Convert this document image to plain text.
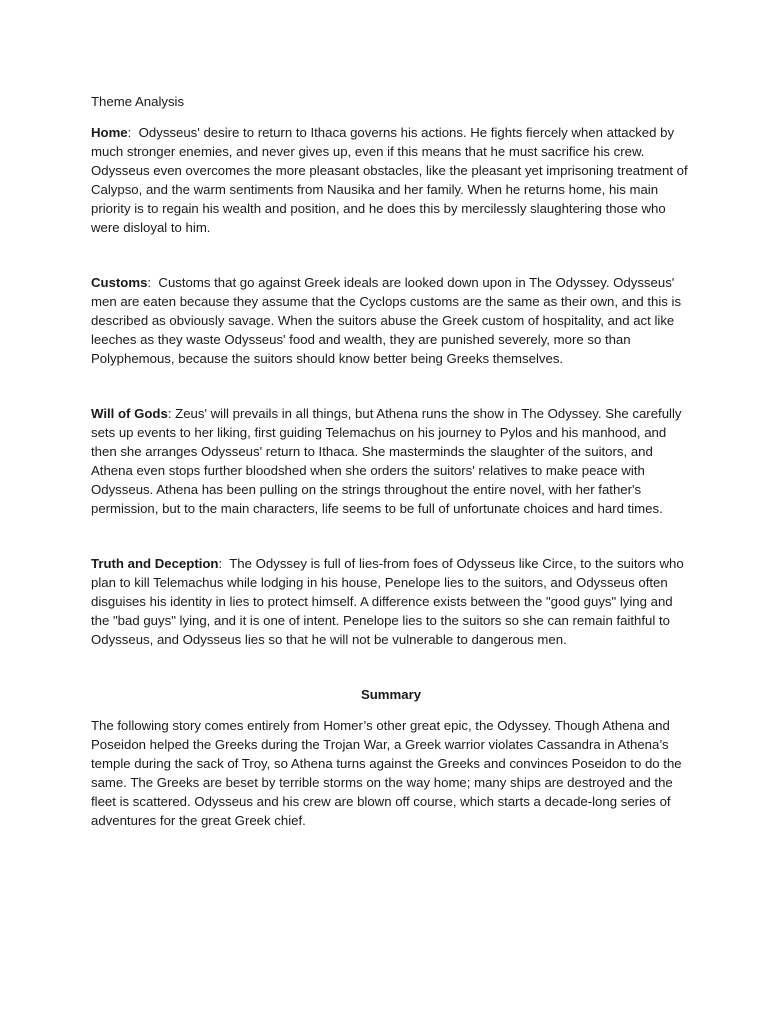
Theme Analysis

Home:  Odysseus' desire to return to Ithaca governs his actions. He fights fiercely when attacked by much stronger enemies, and never gives up, even if this means that he must sacrifice his crew. Odysseus even overcomes the more pleasant obstacles, like the pleasant yet imprisoning treatment of Calypso, and the warm sentiments from Nausika and her family. When he returns home, his main priority is to regain his wealth and position, and he does this by mercilessly slaughtering those who were disloyal to him.

Customs:  Customs that go against Greek ideals are looked down upon in The Odyssey. Odysseus' men are eaten because they assume that the Cyclops customs are the same as their own, and this is described as obviously savage. When the suitors abuse the Greek custom of hospitality, and act like leeches as they waste Odysseus' food and wealth, they are punished severely, more so than Polyphemous, because the suitors should know better being Greeks themselves.

Will of Gods: Zeus' will prevails in all things, but Athena runs the show in The Odyssey. She carefully sets up events to her liking, first guiding Telemachus on his journey to Pylos and his manhood, and then she arranges Odysseus' return to Ithaca. She masterminds the slaughter of the suitors, and Athena even stops further bloodshed when she orders the suitors' relatives to make peace with Odysseus. Athena has been pulling on the strings throughout the entire novel, with her father's permission, but to the main characters, life seems to be full of unfortunate choices and hard times.

Truth and Deception:  The Odyssey is full of lies-from foes of Odysseus like Circe, to the suitors who plan to kill Telemachus while lodging in his house, Penelope lies to the suitors, and Odysseus often disguises his identity in lies to protect himself. A difference exists between the "good guys" lying and the "bad guys" lying, and it is one of intent. Penelope lies to the suitors so she can remain faithful to Odysseus, and Odysseus lies so that he will not be vulnerable to dangerous men.

Summary

The following story comes entirely from Homer’s other great epic, the Odyssey. Though Athena and Poseidon helped the Greeks during the Trojan War, a Greek warrior violates Cassandra in Athena’s temple during the sack of Troy, so Athena turns against the Greeks and convinces Poseidon to do the same. The Greeks are beset by terrible storms on the way home; many ships are destroyed and the fleet is scattered. Odysseus and his crew are blown off course, which starts a decade-long series of adventures for the great Greek chief.
